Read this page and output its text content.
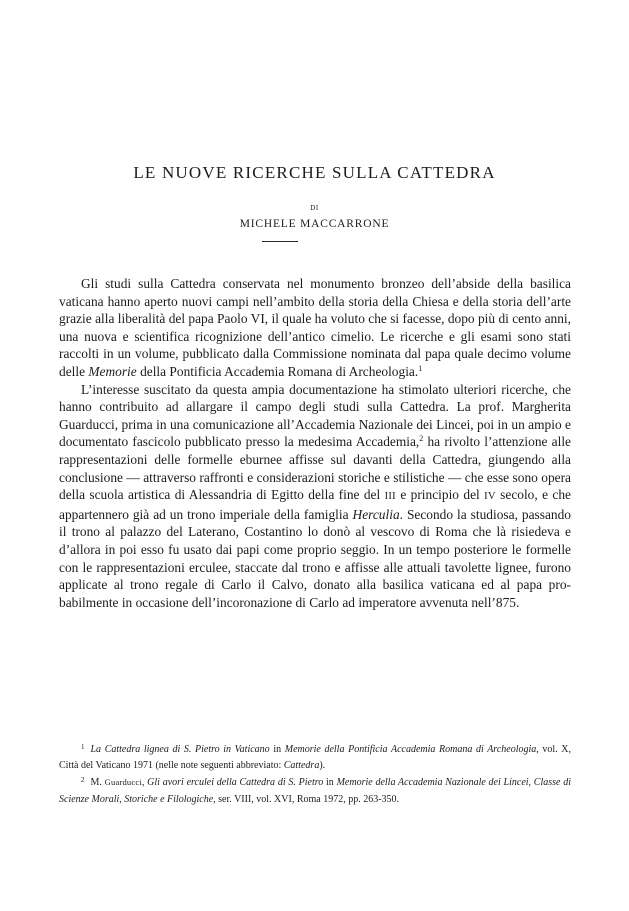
LE NUOVE RICERCHE SULLA CATTEDRA
DI
MICHELE MACCARRONE

Gli studi sulla Cattedra conservata nel monumento bronzeo dell’abside della basilica vaticana hanno aperto nuovi campi nell’ambito della storia della Chiesa e della storia dell’arte grazie alla liberalità del papa Paolo VI, il quale ha voluto che si facesse, dopo più di cento anni, una nuova e scientifica ricognizione dell’antico cimelio. Le ricerche e gli esami sono stati raccolti in un volume, pubblicato dalla Commissione nominata dal papa quale decimo volume delle Memorie della Pontificia Accademia Romana di Archeologia.$^1$

L’interesse suscitato da questa ampia documentazione ha stimolato ulteriori ricerche, che hanno contribuito ad allargare il campo degli studi sulla Cattedra. La prof. Margherita Guarducci, prima in una comunicazione all’Accademia Nazionale dei Lincei, poi in un ampio e documentato fascicolo pubblicato presso la medesima Accademia,$^2$ ha rivolto l’attenzione alle rappresentazioni delle formelle eburnee affisse sul davanti della Cattedra, giungendo alla conclusione — attraverso raffronti e considerazioni storiche e stilistiche — che esse sono opera della scuola artistica di Alessandria di Egitto della fine del III e principio del IV secolo, e che appartennero già ad un trono imperiale della famiglia Herculia. Secondo la studiosa, passando il trono al palazzo del Laterano, Costantino lo donò al vescovo di Roma che là risiedeva e d’allora in poi esso fu usato dai papi come proprio seggio. In un tempo posteriore le formelle con le rappresentazioni erculee, staccate dal trono e affisse alle attuali tavolette lignee, furono applicate al trono regale di Carlo il Calvo, donato alla basilica vaticana ed al papa probabilmente in occasione dell’incoronazione di Carlo ad imperatore avvenuta nell’875.

$^1$ La Cattedra lignea di S. Pietro in Vaticano in Memorie della Pontificia Accademia Romana di Archeologia, vol. X, Città del Vaticano 1971 (nelle note seguenti abbreviato: Cattedra).

$^2$ M. Guarducci, Gli avori erculei della Cattedra di S. Pietro in Memorie della Accademia Nazionale dei Lincei, Classe di Scienze Morali, Storiche e Filologiche, ser. VIII, vol. XVI, Roma 1972, pp. 263-350.
